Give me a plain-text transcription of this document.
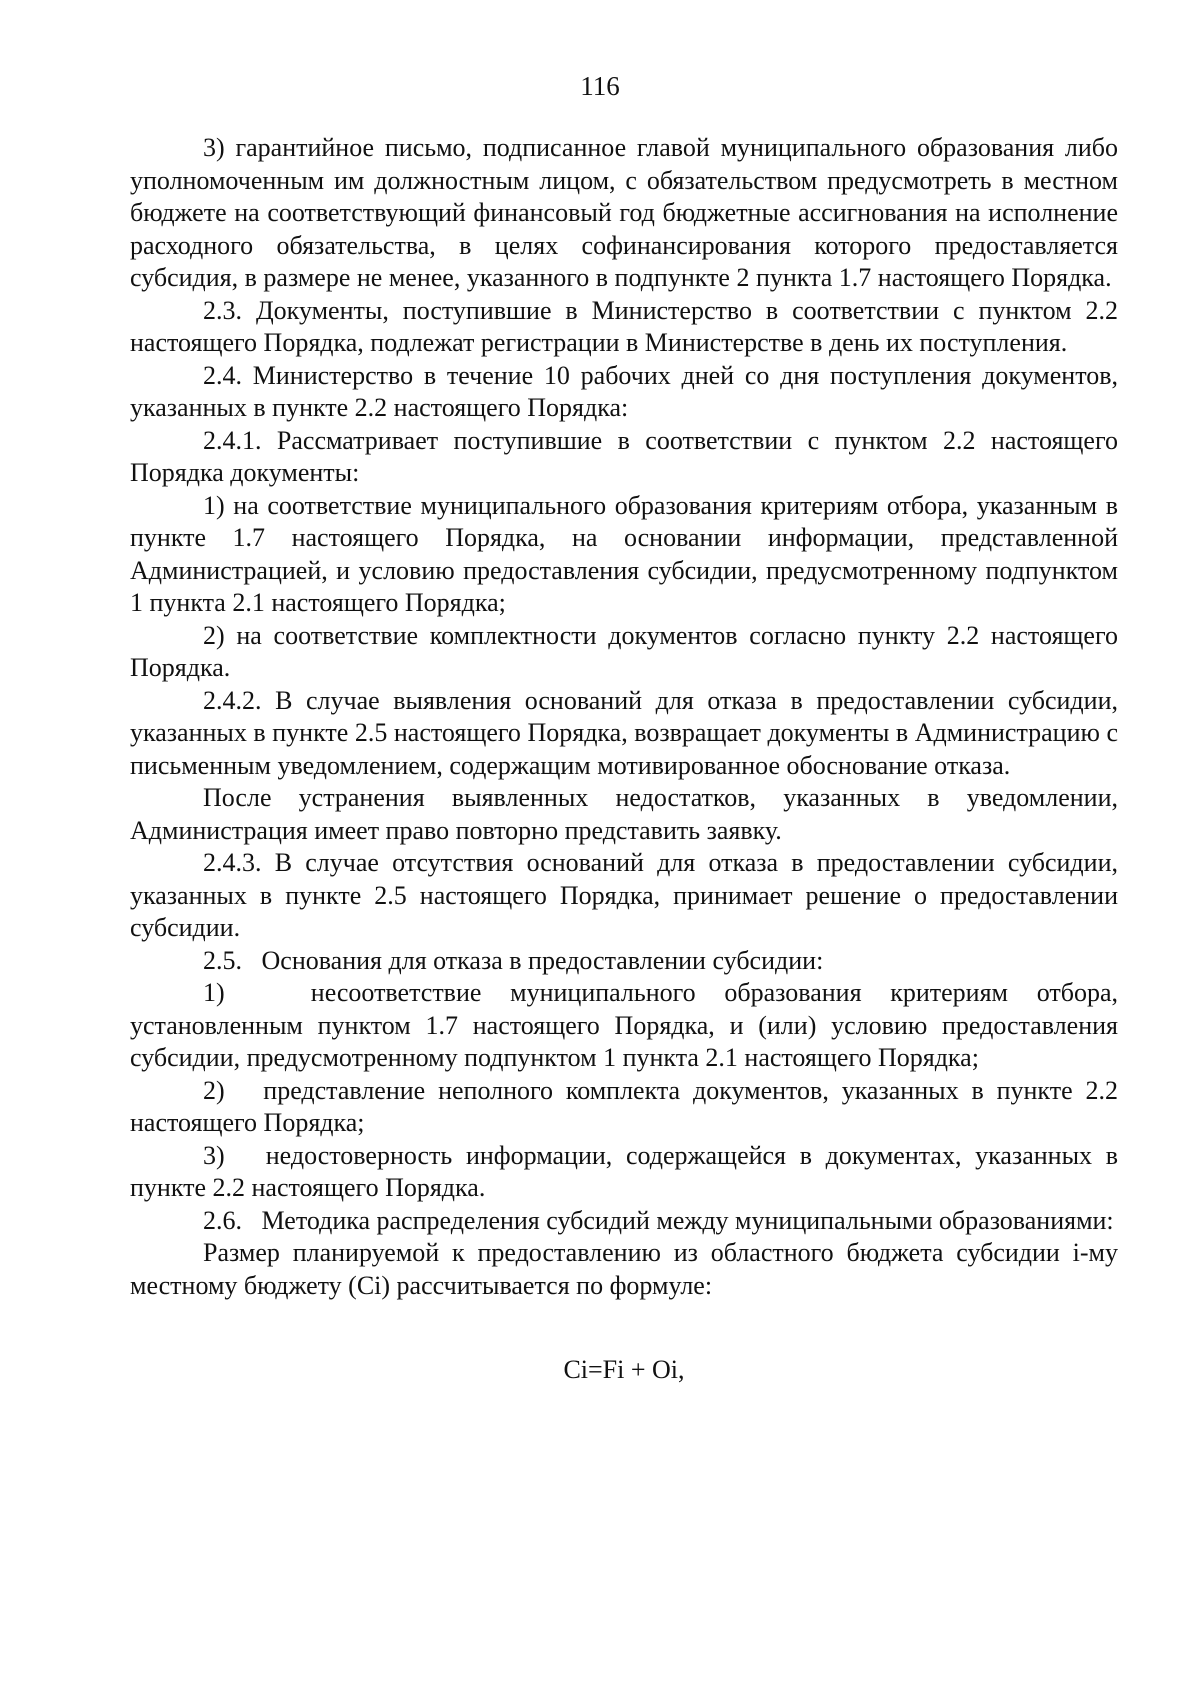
116

3) гарантийное письмо, подписанное главой муниципального образования либо уполномоченным им должностным лицом, с обязательством предусмотреть в местном бюджете на соответствующий финансовый год бюджетные ассигнования на исполнение расходного обязательства, в целях софинансирования которого предоставляется субсидия, в размере не менее, указанного в подпункте 2 пункта 1.7 настоящего Порядка.

2.3. Документы, поступившие в Министерство в соответствии с пунктом 2.2 настоящего Порядка, подлежат регистрации в Министерстве в день их поступления.

2.4. Министерство в течение 10 рабочих дней со дня поступления документов, указанных в пункте 2.2 настоящего Порядка:

2.4.1. Рассматривает поступившие в соответствии с пунктом 2.2 настоящего Порядка документы:

1) на соответствие муниципального образования критериям отбора, указанным в пункте 1.7 настоящего Порядка, на основании информации, представленной Администрацией, и условию предоставления субсидии, предусмотренному подпунктом 1 пункта 2.1 настоящего Порядка;

2) на соответствие комплектности документов согласно пункту 2.2 настоящего Порядка.

2.4.2. В случае выявления оснований для отказа в предоставлении субсидии, указанных в пункте 2.5 настоящего Порядка, возвращает документы в Администрацию с письменным уведомлением, содержащим мотивированное обоснование отказа.

После устранения выявленных недостатков, указанных в уведомлении, Администрация имеет право повторно представить заявку.

2.4.3. В случае отсутствия оснований для отказа в предоставлении субсидии, указанных в пункте 2.5 настоящего Порядка, принимает решение о предоставлении субсидии.

2.5.   Основания для отказа в предоставлении субсидии:

1)   несоответствие муниципального образования критериям отбора, установленным пунктом 1.7 настоящего Порядка, и (или) условию предоставления субсидии, предусмотренному подпунктом 1 пункта 2.1 настоящего Порядка;

2)   представление неполного комплекта документов, указанных в пункте 2.2 настоящего Порядка;

3)   недостоверность информации, содержащейся в документах, указанных в пункте 2.2 настоящего Порядка.

2.6.   Методика распределения субсидий между муниципальными образованиями:

Размер планируемой к предоставлению из областного бюджета субсидии i-му местному бюджету (Ci) рассчитывается по формуле:

Ci=Fi + Oi,
